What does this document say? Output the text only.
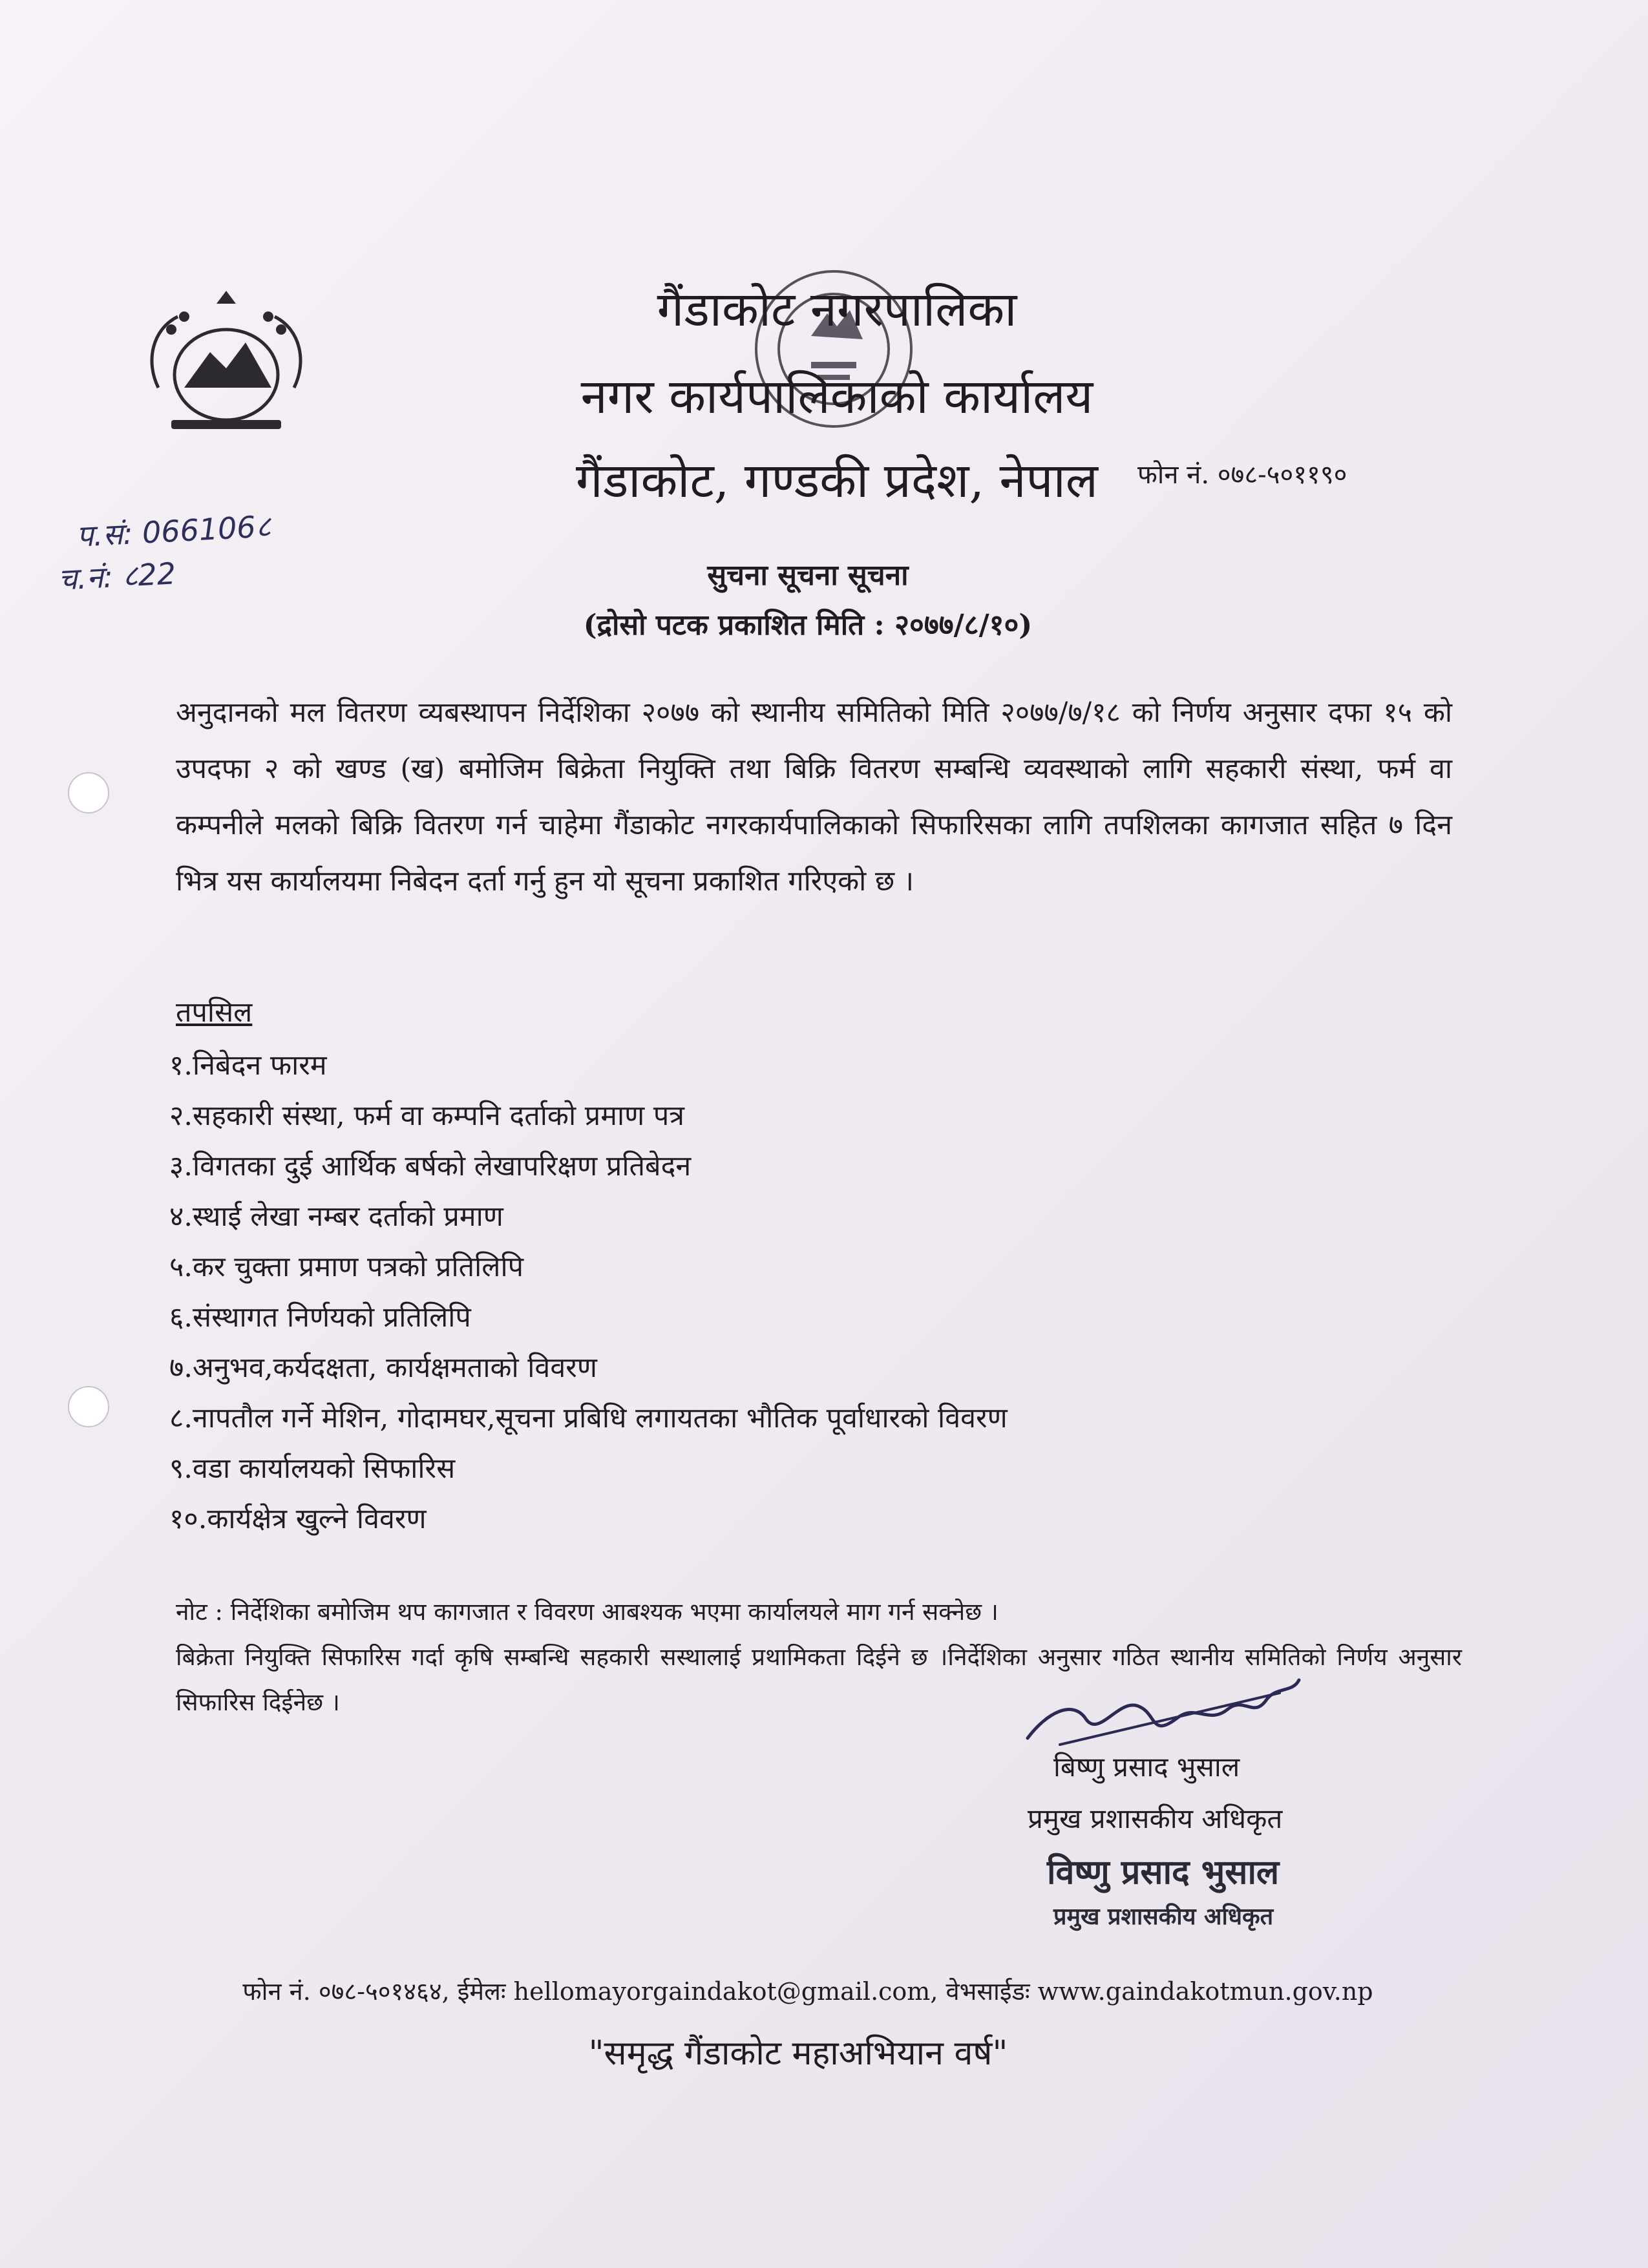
गैंडाकोट नगरपालिका
नगर कार्यपालिकाको कार्यालय
गैंडाकोट, गण्डकी प्रदेश, नेपाल	फोन नं. ०७८-५०११९०
प.सं: 066106८
च.नं: ८22	सुचना सूचना सूचना
(द्रोसो पटक प्रकाशित मिति : २०७७/८/१०)
अनुदानको मल वितरण व्यबस्थापन निर्देशिका २०७७ को स्थानीय समितिको मिति २०७७/७/१८ को निर्णय अनुसार दफा १५ को उपदफा २ को खण्ड (ख) बमोजिम बिक्रेता नियुक्ति तथा बिक्रि वितरण सम्बन्धि व्यवस्थाको लागि सहकारी संस्था, फर्म वा कम्पनीले मलको बिक्रि वितरण गर्न चाहेमा गैंडाकोट नगरकार्यपालिकाको सिफारिसका लागि तपशिलका कागजात सहित ७ दिन भित्र यस कार्यालयमा निबेदन दर्ता गर्नु हुन यो सूचना प्रकाशित गरिएको छ ।
तपसिल
१.निबेदन फारम
२.सहकारी संस्था, फर्म वा कम्पनि दर्ताको प्रमाण पत्र
३.विगतका दुई आर्थिक बर्षको लेखापरिक्षण प्रतिबेदन
४.स्थाई लेखा नम्बर दर्ताको प्रमाण
५.कर चुक्ता प्रमाण पत्रको प्रतिलिपि
६.संस्थागत निर्णयको प्रतिलिपि
७.अनुभव,कर्यदक्षता, कार्यक्षमताको विवरण
८.नापतौल गर्ने मेशिन, गोदामघर,सूचना प्रबिधि लगायतका भौतिक पूर्वाधारको विवरण
९.वडा कार्यालयको सिफारिस
१०.कार्यक्षेत्र खुल्ने विवरण
नोट : निर्देशिका बमोजिम थप कागजात र विवरण आबश्यक भएमा कार्यालयले माग गर्न सक्नेछ ।
बिक्रेता नियुक्ति सिफारिस गर्दा कृषि सम्बन्धि सहकारी सस्थालाई प्रथामिकता दिईने छ ।निर्देशिका अनुसार गठित स्थानीय समितिको निर्णय अनुसार सिफारिस दिईनेछ ।
बिष्णु प्रसाद भुसाल
प्रमुख प्रशासकीय अधिकृत
विष्णु प्रसाद भुसाल
प्रमुख प्रशासकीय अधिकृत
फोन नं. ०७८-५०१४६४, ईमेलः hellomayorgaindakot@gmail.com, वेभसाईडः www.gaindakotmun.gov.np
"समृद्ध गैंडाकोट महाअभियान वर्ष"
